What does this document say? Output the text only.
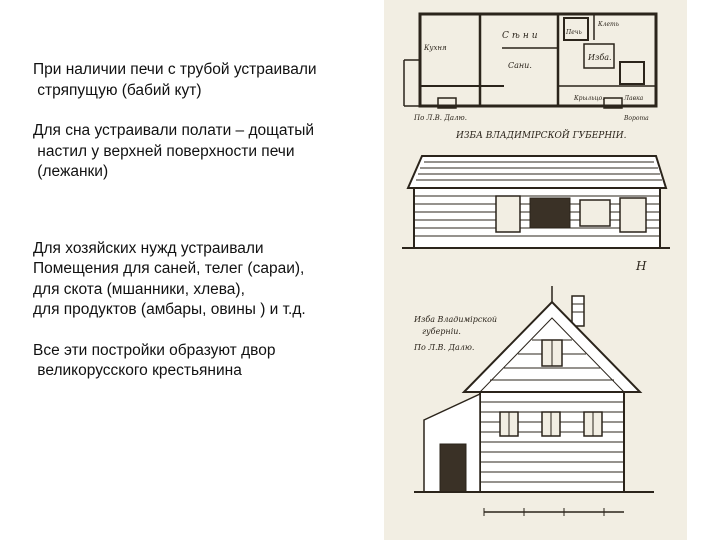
При наличии печи с трубой устраивали

стряпущую (бабий кут)

Для сна устраивали полати – дощатый

настил у верхней поверхности печи

(лежанки)

Для хозяйских нужд устраивали

Помещения для саней, телег (сараи),

для скота (мшанники, хлева),

для продуктов (амбары, овины ) и т.д.

Все эти постройки образуют двор

великорусского крестьянина

Кухня
Сѣни
Сани.
Изба.
Печь
Клеть
Крыльцо.	Лавка
По Л.В. Далю.	Ворота
ИЗБА ВЛАДИМІРСКОЙ ГУБЕРНІИ.
Н
Изба Владимірской
губерніи.
По Л.В. Далю.
